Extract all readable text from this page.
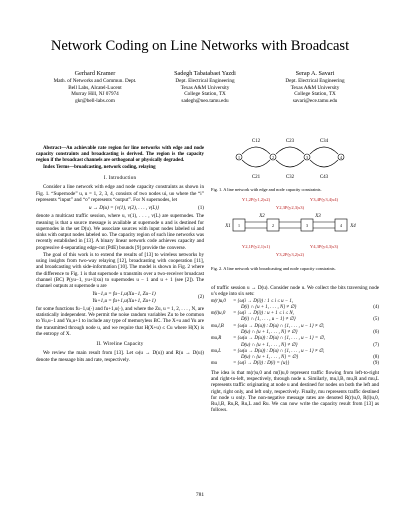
Network Coding on Line Networks with Broadcast
Gerhard Kramer
Math. of Networks and Commun. Dept.
Bell Labs, Alcatel-Lucent
Murray Hill, NJ 07974
gkr@bell-labs.com
Sadegh Tabatabaei Yazdi
Dept. Electrical Engineering
Texas A&M University
College Station, TX
sadegh@neo.tamu.edu
Serap A. Savari
Dept. Electrical Engineering
Texas A&M University
College Station, TX
savari@ece.tamu.edu

Abstract—An achievable rate region for line networks with edge and node capacity constraints and broadcasting is derived. The region is the capacity region if the broadcast channels are orthogonal or physically degraded.

Index Terms—broadcasting, network coding, relaying

I. Introduction

Consider a line network with edge and node capacity constraints as shown in Fig. 1. “Supernode” u, u = 1, 2, 3, 4, consists of two nodes ui, uo where the “i” represents “input” and “o” represents “output”. For N supernodes, let

u → D(u) = {v(1), v(2), . . . , v(L)}	(1)

denote a multicast traffic session, where u, v(1), . . . , v(L) are supernodes. The meaning is that a source message is available at supernode u and is destined for supernodes in the set D(u). We associate sources with input nodes labeled ui and sinks with output nodes labeled uo. The capacity region of such line networks was recently established in [13]. A binary linear network code achieves capacity and progressive d-separating edge-cut (PdE) bounds [9] provide the converse.

The goal of this work is to extend the results of [13] to wireless networks by using insights from two-way relaying [12], broadcasting with cooperation [11], and broadcasting with side-information [10]. The model is shown in Fig. 2 where the difference to Fig. 1 is that supernode u transmits over a two-receiver broadcast channel (BC) P(yu−1, yu+1|xu) to supernodes u − 1 and u + 1 (see [2]). The channel outputs at supernode u are

Yu−1,u = fu−1,u(Xu−1, Zu−1)
Yu+1,u = fu+1,u(Xu+1, Zu+1)
(2)

for some functions fu−1,u(·) and fu+1,u(·), and where the Zu, u = 1, 2, . . . , N, are statistically independent. We permit the noise random variables Zu to be common to Yu,u−1 and Yu,u+1 to include any type of memoryless BC. The X+u and Yu are the transmitted through node u, and we require that H(X+u) ≤ Cu where H(X) is the entropy of X.

II. Wireline Capacity

We review the main result from [13]. Let ω(u → D(u)) and R(u → D(u)) denote the message bits and rate, respectively.

C12	C23	C34
C21	C32	C43
1	2	3	4
Fig. 1. A line network with edge and node capacity constraints.
Y1,2P(y1,2|x2)
Y2,3P(y2,3|x3)
Y3,4P(y3,4|x4)
Y2,1P(y2,1|x1)
Y3,2P(y3,2|x2)
Y4,3P(y4,3|x3)
X1
X2	X3
X4
1	2	3	4
Fig. 2. A line network with broadcasting and node capacity constraints.

of traffic session u → D(u). Consider node u. We collect the bits traversing node u’s edge into six sets:

m(r)u,0	= {ω(i → D(i)) : 1 ≤ i ≤ u − 1,
D(i) ∩ {u + 1, . . . , N} ≠ ∅}	(4)
m(l)u,0	= {ω(i → D(i)) : u + 1 ≤ i ≤ N,
D(i) ∩ {1, . . . , u − 1} ≠ ∅}	(5)
mu,l,B	= {ω(u → D(u)) : D(u) ∩ {1, . . . , u − 1} ≠ ∅,
D(u) ∩ {u + 1, . . . , N} ≠ ∅}	(6)
mu,R	= {ω(u → D(u)) : D(u) ∩ {1, . . . , u − 1} = ∅,
D(u) ∩ {u + 1, . . . , N} ≠ ∅}	(7)
mu,L	= {ω(u → D(u)) : D(u) ∩ {1, . . . , u − 1} ≠ ∅,
D(u) ∩ {u + 1, . . . , N} = ∅}	(8)
mu	= {ω(i → D(i)) : D(i) = {u}}	(9)

The idea is that m(r)u,0 and m(l)u,0 represent traffic flowing from left-to-right and right-to-left, respectively, through node u. Similarly, mu,l,B, mu,R and mu,L represents traffic originating at node u and destined for nodes on both the left and right, right only, and left only, respectively. Finally, mu represents traffic destined for node u only. The non-negative message rates are denoted R(r)u,0, R(l)u,0, Ru,l,B, Ru,R, Ru,L and Ru. We can now write the capacity result from [13] as follows.

781
